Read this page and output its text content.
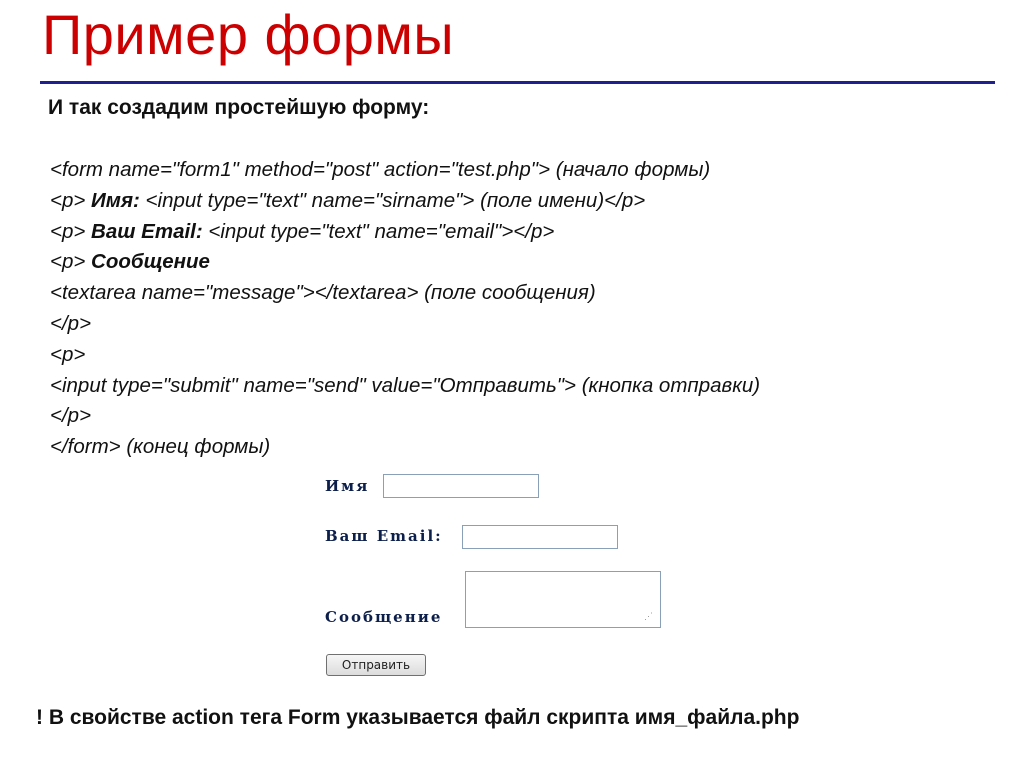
Пример формы
И так создадим простейшую форму:
<form name="form1" method="post" action="test.php"> (начало формы)
<p> Имя: <input type="text" name="sirname"> (поле имени)</p>
<p> Ваш Email: <input type="text" name="email"></p>
<p> Сообщение
<textarea name="message"></textarea> (поле сообщения)
</p>
<p>
<input type="submit" name="send" value="Отправить"> (кнопка отправки)
</p>
</form> (конец формы)
Имя
Ваш Email:
Сообщение	⋰
Отправить
! В свойстве action тега Form указывается файл скрипта имя_файла.php
